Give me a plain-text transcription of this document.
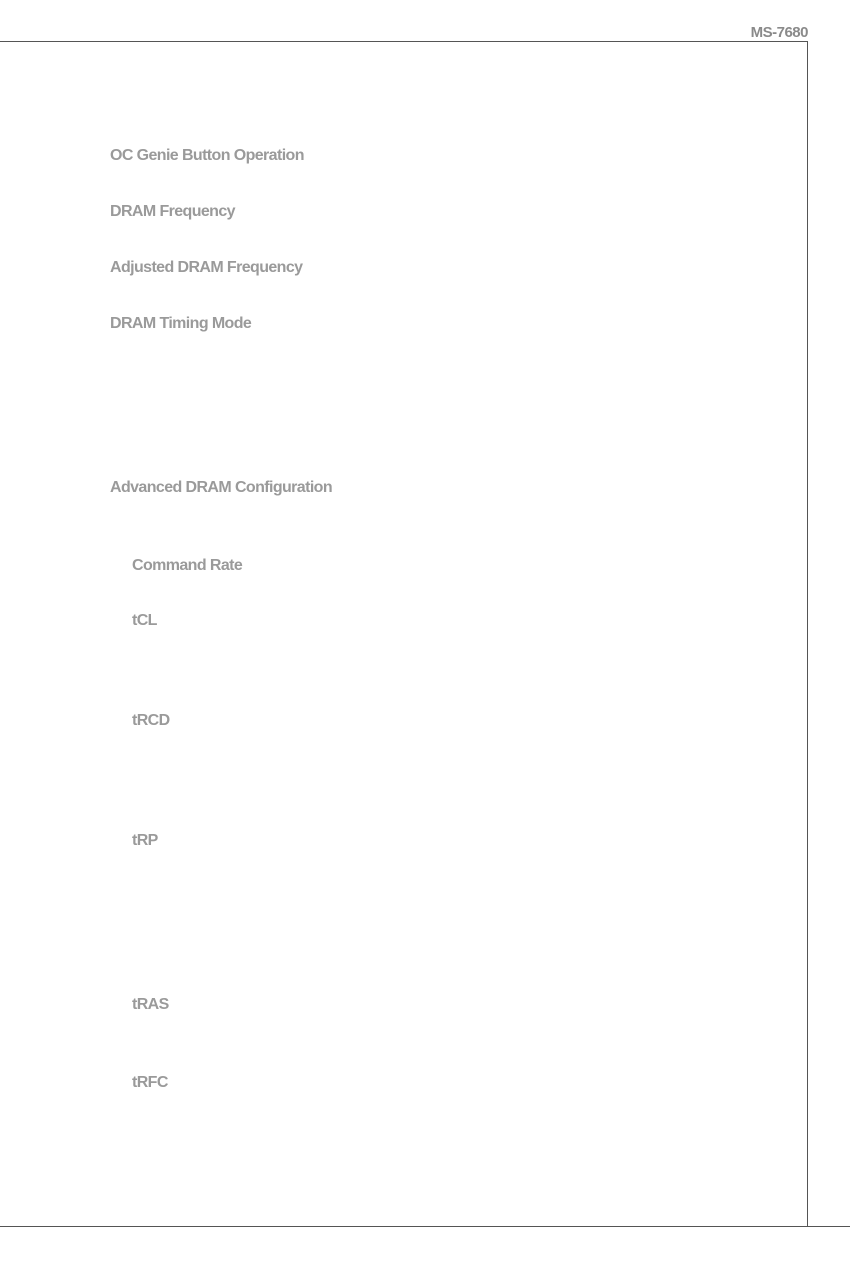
MS-7680
OC Genie Button Operation
DRAM Frequency
Adjusted DRAM Frequency
DRAM Timing Mode
Advanced DRAM Configuration
Command Rate
tCL
tRCD
tRP
tRAS
tRFC
